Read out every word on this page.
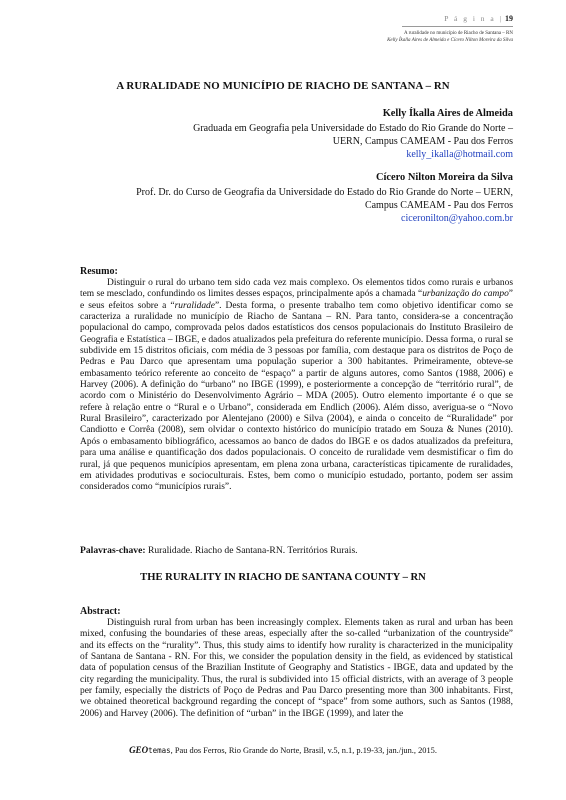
P á g i n a | 19
A ruralidade no município de Riacho de Santana – RN
Kelly Íkalla Aires de Almeida e Cícero Nilton Moreira da Silva
A RURALIDADE NO MUNICÍPIO DE RIACHO DE SANTANA – RN
Kelly Íkalla Aires de Almeida
Graduada em Geografia pela Universidade do Estado do Rio Grande do Norte –
UERN, Campus CAMEAM - Pau dos Ferros
kelly_ikalla@hotmail.com
Cícero Nilton Moreira da Silva
Prof. Dr. do Curso de Geografia da Universidade do Estado do Rio Grande do Norte – UERN,
Campus CAMEAM - Pau dos Ferros
ciceronilton@yahoo.com.br
Resumo:

Distinguir o rural do urbano tem sido cada vez mais complexo. Os elementos tidos como rurais e urbanos tem se mesclado, confundindo os limites desses espaços, principalmente após a chamada “urbanização do campo” e seus efeitos sobre a “ruralidade”. Desta forma, o presente trabalho tem como objetivo identificar como se caracteriza a ruralidade no município de Riacho de Santana – RN. Para tanto, considera-se a concentração populacional do campo, comprovada pelos dados estatísticos dos censos populacionais do Instituto Brasileiro de Geografia e Estatística – IBGE, e dados atualizados pela prefeitura do referente município. Dessa forma, o rural se subdivide em 15 distritos oficiais, com média de 3 pessoas por família, com destaque para os distritos de Poço de Pedras e Pau Darco que apresentam uma população superior a 300 habitantes. Primeiramente, obteve-se embasamento teórico referente ao conceito de “espaço” a partir de alguns autores, como Santos (1988, 2006) e Harvey (2006). A definição do “urbano” no IBGE (1999), e posteriormente a concepção de “território rural”, de acordo com o Ministério do Desenvolvimento Agrário – MDA (2005). Outro elemento importante é o que se refere à relação entre o “Rural e o Urbano”, considerada em Endlich (2006). Além disso, averigua-se o “Novo Rural Brasileiro”, caracterizado por Alentejano (2000) e Silva (2004), e ainda o conceito de “Ruralidade” por Candiotto e Corrêa (2008), sem olvidar o contexto histórico do município tratado em Souza & Nunes (2010). Após o embasamento bibliográfico, acessamos ao banco de dados do IBGE e os dados atualizados da prefeitura, para uma análise e quantificação dos dados populacionais. O conceito de ruralidade vem desmistificar o fim do rural, já que pequenos municípios apresentam, em plena zona urbana, características tipicamente de ruralidades, em atividades produtivas e socioculturais. Estes, bem como o município estudado, portanto, podem ser assim considerados como “municípios rurais”.

Palavras-chave: Ruralidade. Riacho de Santana-RN. Territórios Rurais.
THE RURALITY IN RIACHO DE SANTANA COUNTY – RN
Abstract:

Distinguish rural from urban has been increasingly complex. Elements taken as rural and urban has been mixed, confusing the boundaries of these areas, especially after the so-called “urbanization of the countryside” and its effects on the “rurality”. Thus, this study aims to identify how rurality is characterized in the municipality of Santana de Santana - RN. For this, we consider the population density in the field, as evidenced by statistical data of population census of the Brazilian Institute of Geography and Statistics - IBGE, data and updated by the city regarding the municipality. Thus, the rural is subdivided into 15 official districts, with an average of 3 people per family, especially the districts of Poço de Pedras and Pau Darco presenting more than 300 inhabitants. First, we obtained theoretical background regarding the concept of “space” from some authors, such as Santos (1988, 2006) and Harvey (2006). The definition of “urban” in the IBGE (1999), and later the

GEOtemas, Pau dos Ferros, Rio Grande do Norte, Brasil, v.5, n.1, p.19-33, jan./jun., 2015.
